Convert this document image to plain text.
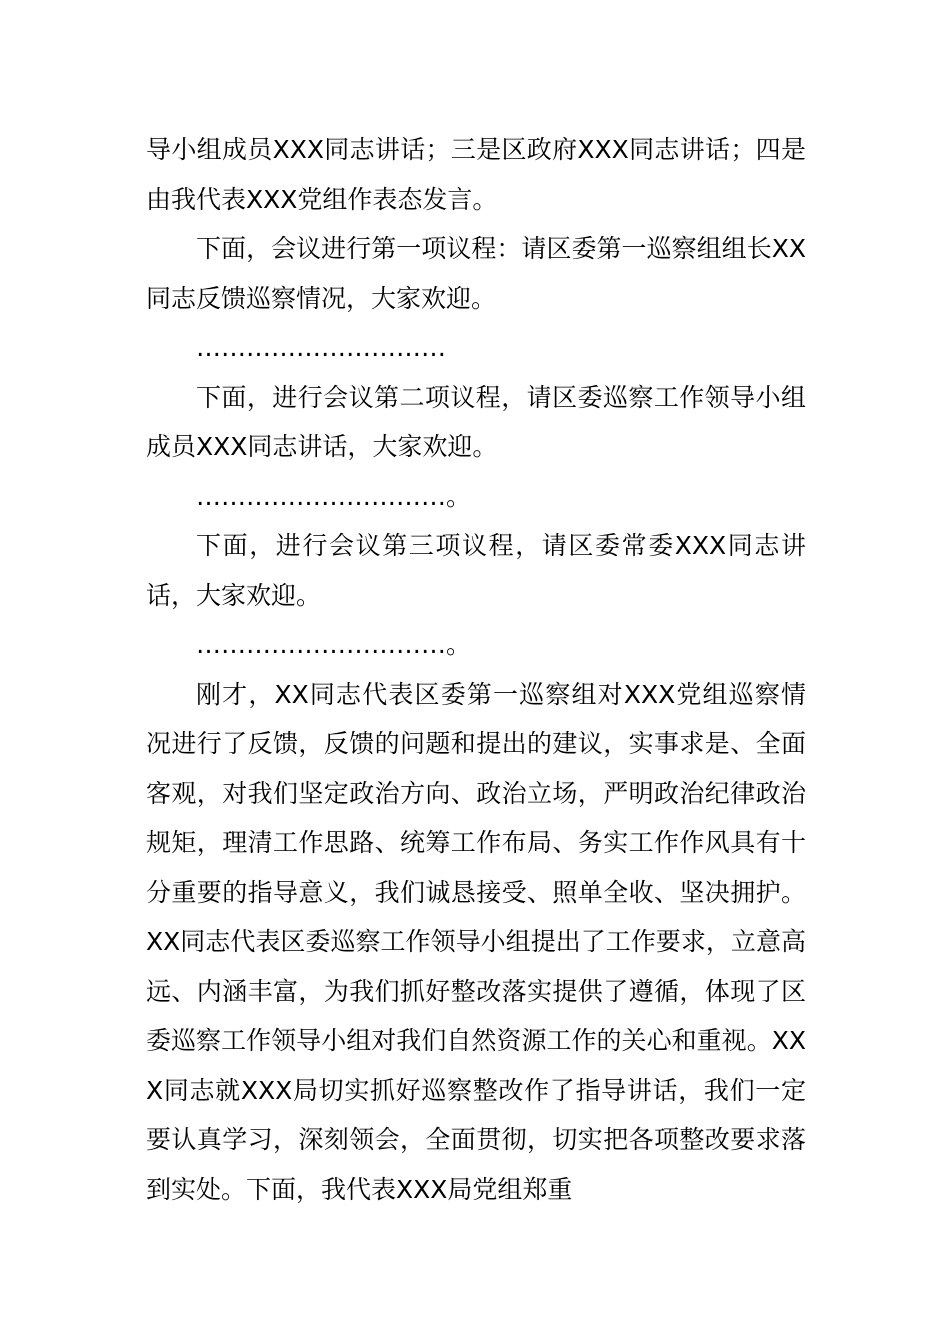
导小组成员XXX同志讲话；三是区政府XXX同志讲话；四是由我代表XXX党组作表态发言。

下面，会议进行第一项议程：请区委第一巡察组组长XX同志反馈巡察情况，大家欢迎。

…………………………

下面，进行会议第二项议程，请区委巡察工作领导小组成员XXX同志讲话，大家欢迎。

…………………………。

下面，进行会议第三项议程，请区委常委XXX同志讲话，大家欢迎。

…………………………。

刚才，XX同志代表区委第一巡察组对XXX党组巡察情况进行了反馈，反馈的问题和提出的建议，实事求是、全面客观，对我们坚定政治方向、政治立场，严明政治纪律政治规矩，理清工作思路、统筹工作布局、务实工作作风具有十分重要的指导意义，我们诚恳接受、照单全收、坚决拥护。XX同志代表区委巡察工作领导小组提出了工作要求，立意高远、内涵丰富，为我们抓好整改落实提供了遵循，体现了区委巡察工作领导小组对我们自然资源工作的关心和重视。XXX同志就XXX局切实抓好巡察整改作了指导讲话，我们一定要认真学习，深刻领会，全面贯彻，切实把各项整改要求落到实处。下面，我代表XXX局党组郑重
